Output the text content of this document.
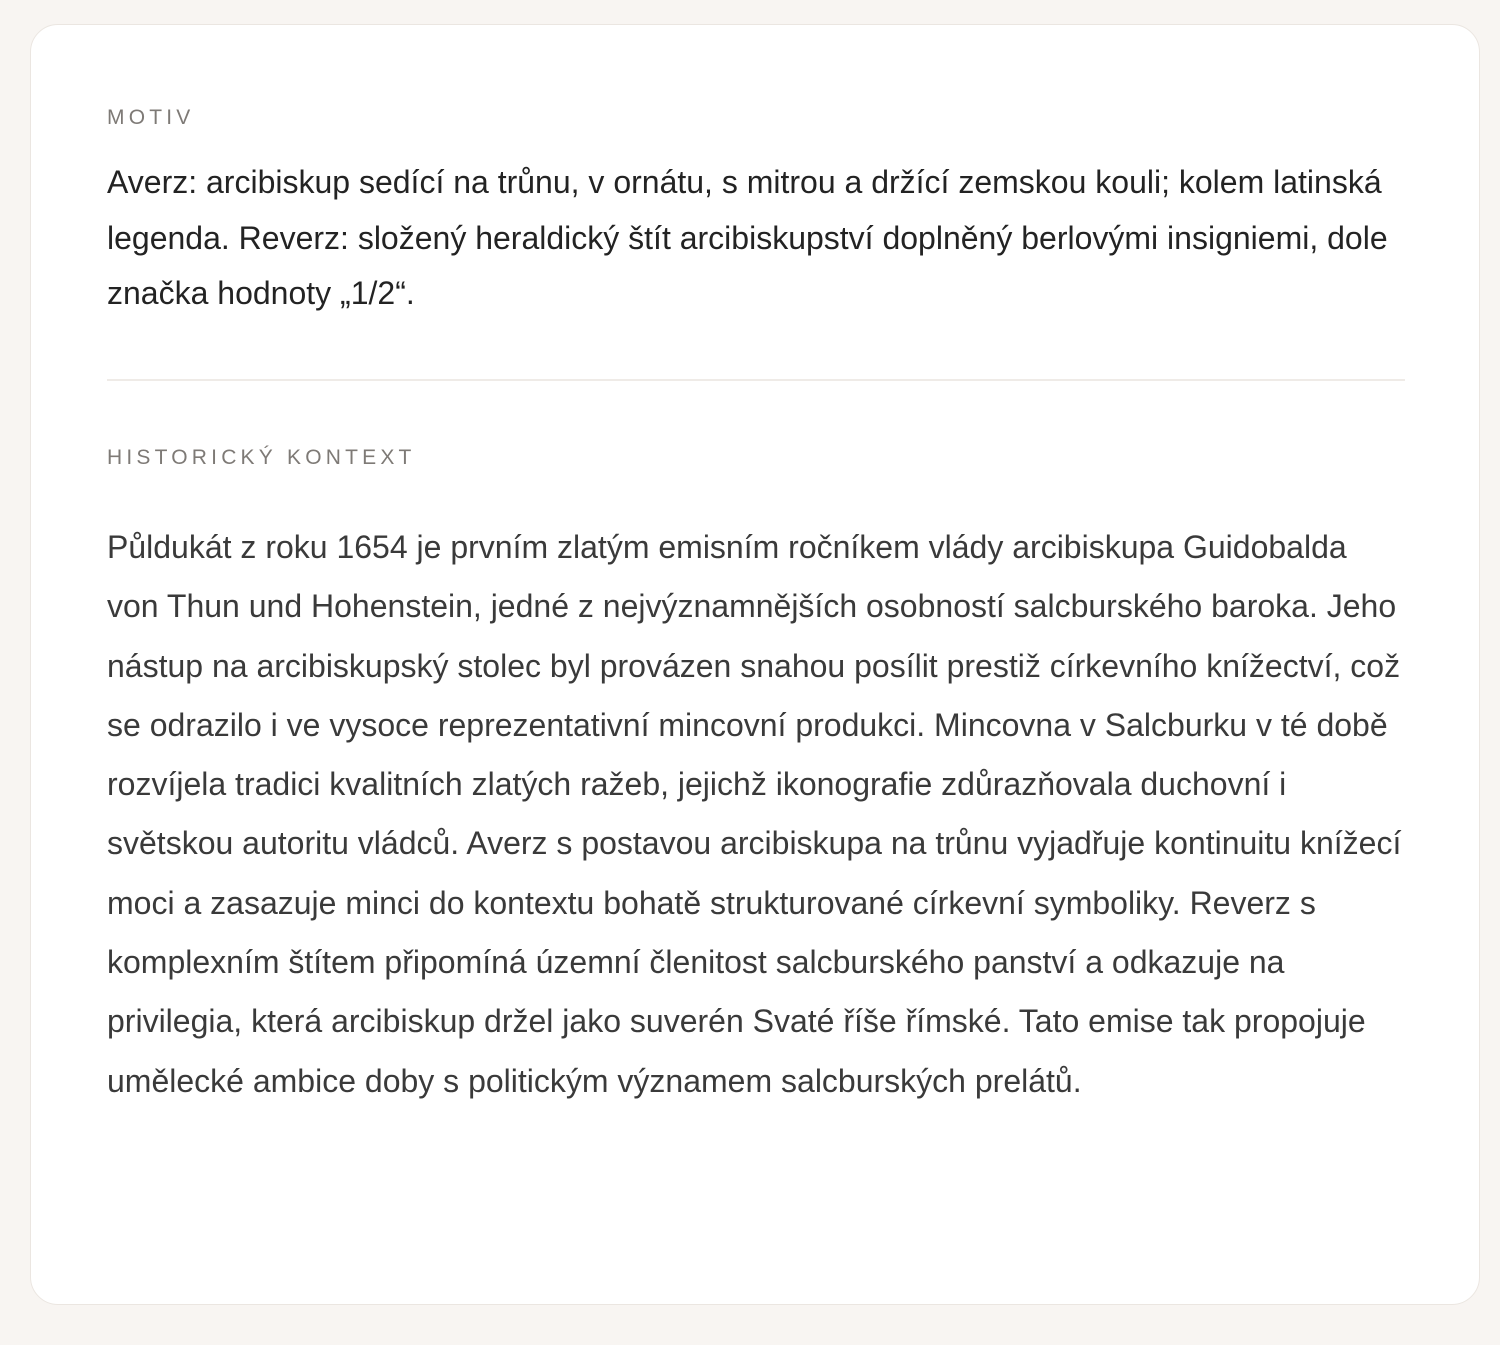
MOTIV

Averz: arcibiskup sedící na trůnu, v ornátu, s mitrou a držící zemskou kouli; kolem latinská legenda. Reverz: složený heraldický štít arcibiskupství doplněný berlovými insigniemi, dole značka hodnoty „1/2“.

HISTORICKÝ KONTEXT

Půldukát z roku 1654 je prvním zlatým emisním ročníkem vlády arcibiskupa Guidobalda von Thun und Hohenstein, jedné z nejvýznamnějších osobností salcburského baroka. Jeho nástup na arcibiskupský stolec byl provázen snahou posílit prestiž církevního knížectví, což se odrazilo i ve vysoce reprezentativní mincovní produkci. Mincovna v Salcburku v té době rozvíjela tradici kvalitních zlatých ražeb, jejichž ikonografie zdůrazňovala duchovní i světskou autoritu vládců. Averz s postavou arcibiskupa na trůnu vyjadřuje kontinuitu knížecí moci a zasazuje minci do kontextu bohatě strukturované církevní symboliky. Reverz s komplexním štítem připomíná územní členitost salcburského panství a odkazuje na privilegia, která arcibiskup držel jako suverén Svaté říše římské. Tato emise tak propojuje umělecké ambice doby s politickým významem salcburských prelátů.
